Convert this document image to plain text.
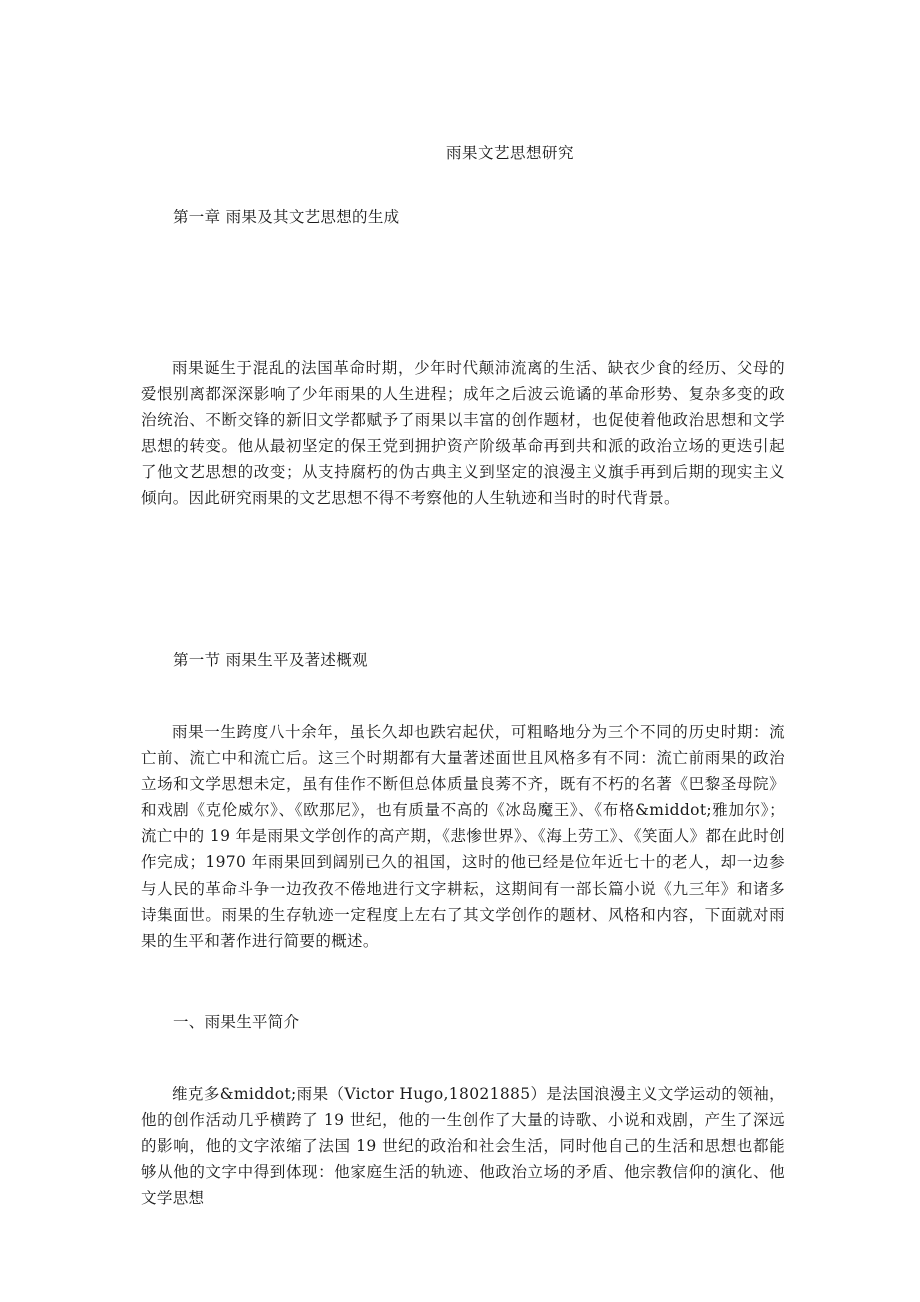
雨果文艺思想研究
第一章 雨果及其文艺思想的生成

雨果诞生于混乱的法国革命时期，少年时代颠沛流离的生活、缺衣少食的经历、父母的爱恨别离都深深影响了少年雨果的人生进程；成年之后波云诡谲的革命形势、复杂多变的政治统治、不断交锋的新旧文学都赋予了雨果以丰富的创作题材，也促使着他政治思想和文学思想的转变。他从最初坚定的保王党到拥护资产阶级革命再到共和派的政治立场的更迭引起了他文艺思想的改变；从支持腐朽的伪古典主义到坚定的浪漫主义旗手再到后期的现实主义倾向。因此研究雨果的文艺思想不得不考察他的人生轨迹和当时的时代背景。

第一节 雨果生平及著述概观

雨果一生跨度八十余年，虽长久却也跌宕起伏，可粗略地分为三个不同的历史时期：流亡前、流亡中和流亡后。这三个时期都有大量著述面世且风格多有不同：流亡前雨果的政治立场和文学思想未定，虽有佳作不断但总体质量良莠不齐，既有不朽的名著《巴黎圣母院》和戏剧《克伦威尔》、《欧那尼》，也有质量不高的《冰岛魔王》、《布格&middot;雅加尔》；流亡中的 19 年是雨果文学创作的高产期，《悲惨世界》、《海上劳工》、《笑面人》都在此时创作完成；1970 年雨果回到阔别已久的祖国，这时的他已经是位年近七十的老人，却一边参与人民的革命斗争一边孜孜不倦地进行文字耕耘，这期间有一部长篇小说《九三年》和诸多诗集面世。雨果的生存轨迹一定程度上左右了其文学创作的题材、风格和内容，下面就对雨果的生平和著作进行简要的概述。

一、雨果生平简介

维克多&middot;雨果（Victor Hugo,18021885）是法国浪漫主义文学运动的领袖，他的创作活动几乎横跨了 19 世纪，他的一生创作了大量的诗歌、小说和戏剧，产生了深远的影响，他的文字浓缩了法国 19 世纪的政治和社会生活，同时他自己的生活和思想也都能够从他的文字中得到体现：他家庭生活的轨迹、他政治立场的矛盾、他宗教信仰的演化、他文学思想
